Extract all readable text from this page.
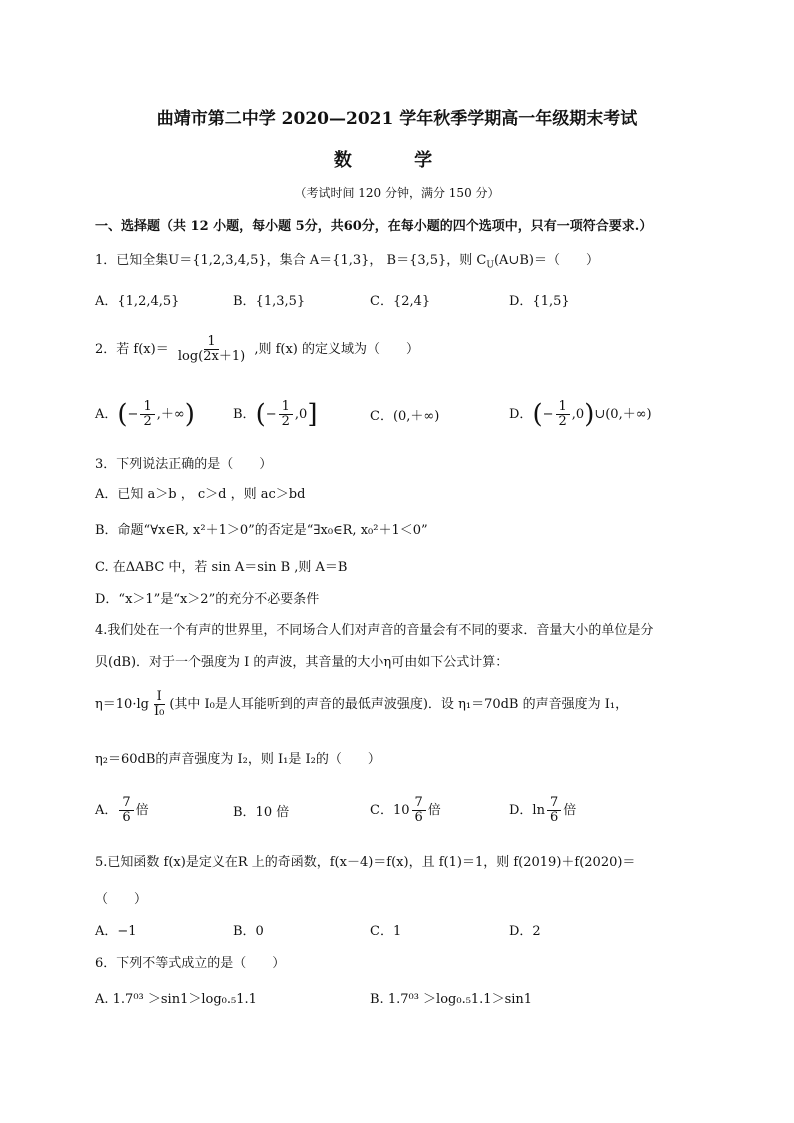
曲靖市第二中学 2020—2021 学年秋季学期高一年级期末考试
数 学
（考试时间 120 分钟，满分 150 分）
一、选择题（共 12 小题，每小题 5分，共60分，在每小题的四个选项中，只有一项符合要求.）
1．已知全集U＝{1,2,3,4,5}，集合 A＝{1,3}， B＝{3,5}，则 $C_U(A\cup B)=$（　　）
A．{1,2,4,5}	B．{1,3,5}	C．{2,4}	D．{1,5}
2．若 $f(x)= \frac{1}{\log(2x+1)}$ ,则 f(x) 的定义域为（　　）
A．(− $\frac{1}{2}$ ,＋∞)	B．(− $\frac{1}{2} ,0$]	C．(0,＋∞)	D．(− $\frac{1}{2}$ ,0)∪(0,＋∞)
3．下列说法正确的是（　　）
A．已知 a＞b ， c＞d ，则 ac＞bd
B．命题“∀x∈R, x²＋1＞0”的否定是“∃x₀∈R, x₀²＋1＜0”
C. 在ΔABC 中，若 sin A＝sin B ,则 A＝B
D．“x＞1”是“x＞2”的充分不必要条件
4.我们处在一个有声的世界里，不同场合人们对声音的音量会有不同的要求．音量大小的单位是分
贝(dB)．对于一个强度为 I 的声波，其音量的大小η可由如下公式计算：
$\eta=10\cdot\lg \frac{I}{\text{I₀}}$ (其中 I₀是人耳能听到的声音的最低声波强度)．设 η₁＝70dB 的声音强度为 I₁，
η₂＝60dB的声音强度为 I₂，则 I₁是 I₂的（　　）
A． $\frac{7}{6}$ 倍	B．10 倍	C．$10 \frac{7}{6}$ 倍	D．$\ln \frac{7}{6}$ 倍
5.已知函数 f(x)是定义在R 上的奇函数，f(x－4)＝f(x)，且 f(1)＝1，则 f(2019)＋f(2020)＝
（　　）
A．−1	B．0	C．1	D．2
6．下列不等式成立的是（　　）
A. 1.7⁰³ ＞sin1＞log₀.₅1.1	B. 1.7⁰³ ＞log₀.₅1.1＞sin1
